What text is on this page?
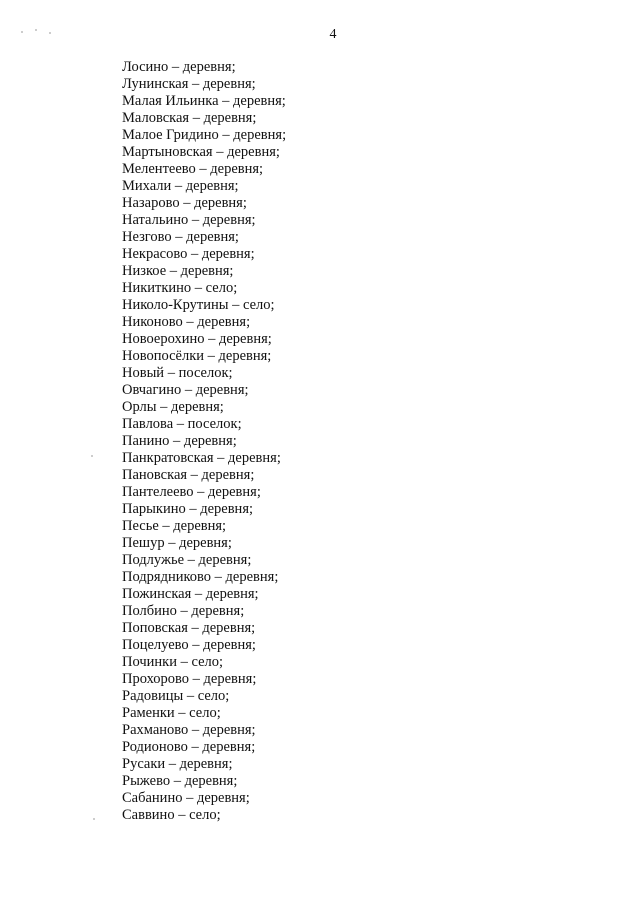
4
Лосино – деревня;
Лунинская – деревня;
Малая Ильинка – деревня;
Маловская – деревня;
Малое Гридино – деревня;
Мартыновская – деревня;
Мелентеево – деревня;
Михали – деревня;
Назарово – деревня;
Натальино – деревня;
Незгово – деревня;
Некрасово – деревня;
Низкое – деревня;
Никиткино – село;
Николо-Крутины – село;
Никоново – деревня;
Новоерохино – деревня;
Новопосёлки – деревня;
Новый – поселок;
Овчагино – деревня;
Орлы – деревня;
Павлова – поселок;
Панино – деревня;
Панкратовская – деревня;
Пановская – деревня;
Пантелеево – деревня;
Парыкино – деревня;
Песье – деревня;
Пешур – деревня;
Подлужье – деревня;
Подрядниково – деревня;
Пожинская – деревня;
Полбино – деревня;
Поповская – деревня;
Поцелуево – деревня;
Починки – село;
Прохорово – деревня;
Радовицы – село;
Раменки – село;
Рахманово – деревня;
Родионово – деревня;
Русаки – деревня;
Рыжево – деревня;
Сабанино – деревня;
Саввино – село;
